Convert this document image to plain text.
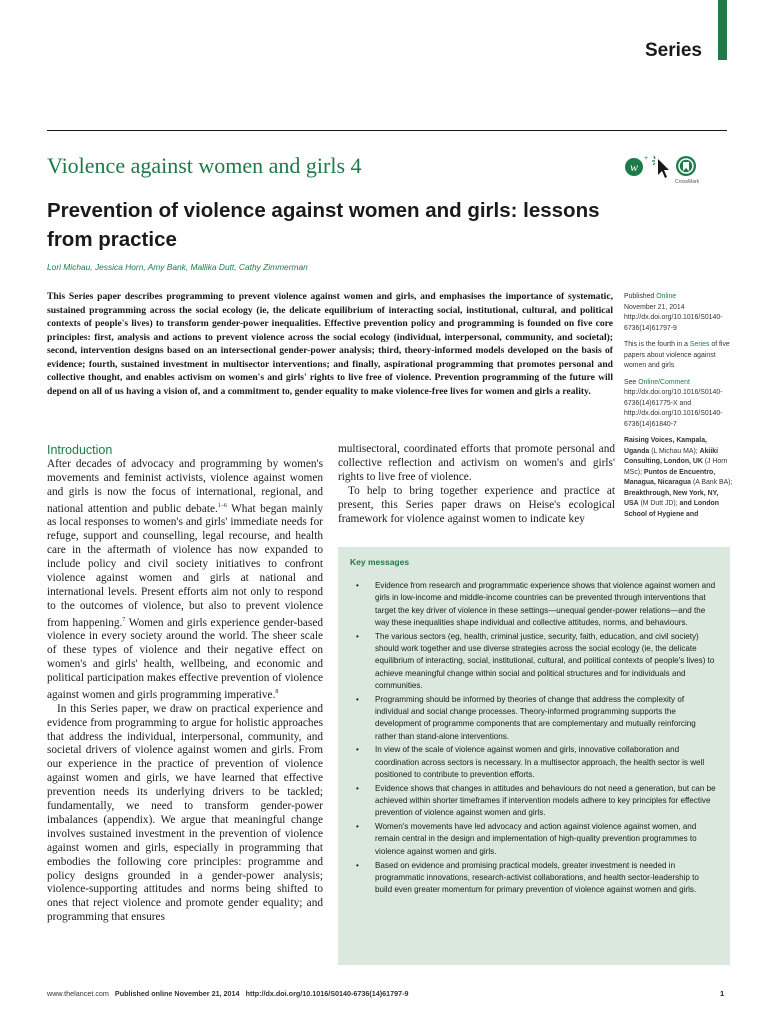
Series
Violence against women and girls 4	w
+
CrossMark
Prevention of violence against women and girls: lessons from practice
Lori Michau, Jessica Horn, Amy Bank, Mallika Dutt, Cathy Zimmerman
This Series paper describes programming to prevent violence against women and girls, and emphasises the importance of systematic, sustained programming across the social ecology (ie, the delicate equilibrium of interacting social, institutional, cultural, and political contexts of people's lives) to transform gender-power inequalities. Effective prevention policy and programming is founded on five core principles: first, analysis and actions to prevent violence across the social ecology (individual, interpersonal, community, and societal); second, intervention designs based on an intersectional gender-power analysis; third, theory-informed models developed on the basis of evidence; fourth, sustained investment in multisector interventions; and finally, aspirational programming that promotes personal and collective thought, and enables activism on women's and girls' rights to live free of violence. Prevention programming of the future will depend on all of us having a vision of, and a commitment to, gender equality to make violence-free lives for women and girls a reality.

Published Online
November 21, 2014
http://dx.doi.org/10.1016/S0140-6736(14)61797-9

This is the fourth in a Series of five papers about violence against women and girls

See Online/Comment
http://dx.doi.org/10.1016/S0140-6736(14)61775-X and
http://dx.doi.org/10.1016/S0140-6736(14)61840-7

Raising Voices, Kampala, Uganda (L Michau MA); Akiiki Consulting, London, UK (J Horn MSc); Puntos de Encuentro, Managua, Nicaragua (A Bank BA); Breakthrough, New York, NY, USA (M Dutt JD); and London School of Hygiene and

Introduction

After decades of advocacy and programming by women's movements and feminist activists, violence against women and girls is now the focus of international, regional, and national attention and public debate.$^{1-6}$ What began mainly as local responses to women's and girls' immediate needs for refuge, support and counselling, legal recourse, and health care in the aftermath of violence has now expanded to include policy and civil society initiatives to confront violence against women and girls at national and international levels. Present efforts aim not only to respond to the outcomes of violence, but also to prevent violence from happening.$^7$ Women and girls experience gender-based violence in every society around the world. The sheer scale of these types of violence and their negative effect on women's and girls' health, wellbeing, and economic and political participation makes effective prevention of violence against women and girls programming imperative.$^8$

In this Series paper, we draw on practical experience and evidence from programming to argue for holistic approaches that address the individual, interpersonal, community, and societal drivers of violence against women and girls. From our experience in the practice of prevention of violence against women and girls, we have learned that effective prevention needs its underlying drivers to be tackled; fundamentally, we need to transform gender-power imbalances (appendix). We argue that meaningful change involves sustained investment in the prevention of violence against women and girls, especially in programming that embodies the following core principles: programme and policy designs grounded in a gender-power analysis; violence-supporting attitudes and norms being shifted to ones that reject violence and promote gender equality; and programming that ensures

multisectoral, coordinated efforts that promote personal and collective reflection and activism on women's and girls' rights to live free of violence.

To help to bring together experience and practice at present, this Series paper draws on Heise's ecological framework for violence against women to indicate key

Key messages
• Evidence from research and programmatic experience shows that violence against women and girls in low-income and middle-income countries can be prevented through interventions that target the key driver of violence in these settings—unequal gender-power relations—and the way these inequalities shape individual and collective attitudes, norms, and behaviours.
• The various sectors (eg, health, criminal justice, security, faith, education, and civil society) should work together and use diverse strategies across the social ecology (ie, the delicate equilibrium of interacting, social, institutional, cultural, and political contexts of people's lives) to achieve meaningful change within social and political structures and for individuals and communities.
• Programming should be informed by theories of change that address the complexity of individual and social change processes. Theory-informed programming supports the development of programme components that are complementary and mutually reinforcing rather than stand-alone interventions.
• In view of the scale of violence against women and girls, innovative collaboration and coordination across sectors is necessary. In a multisector approach, the health sector is well positioned to contribute to prevention efforts.
• Evidence shows that changes in attitudes and behaviours do not need a generation, but can be achieved within shorter timeframes if intervention models adhere to key principles for effective prevention of violence against women and girls.
• Women's movements have led advocacy and action against violence against women, and remain central in the design and implementation of high-quality prevention programmes to violence against women and girls.
• Based on evidence and promising practical models, greater investment is needed in programmatic innovations, research-activist collaborations, and health sector-leadership to build even greater momentum for primary prevention of violence against women and girls.
www.thelancet.com Published online November 21, 2014 http://dx.doi.org/10.1016/S0140-6736(14)61797-9	1
